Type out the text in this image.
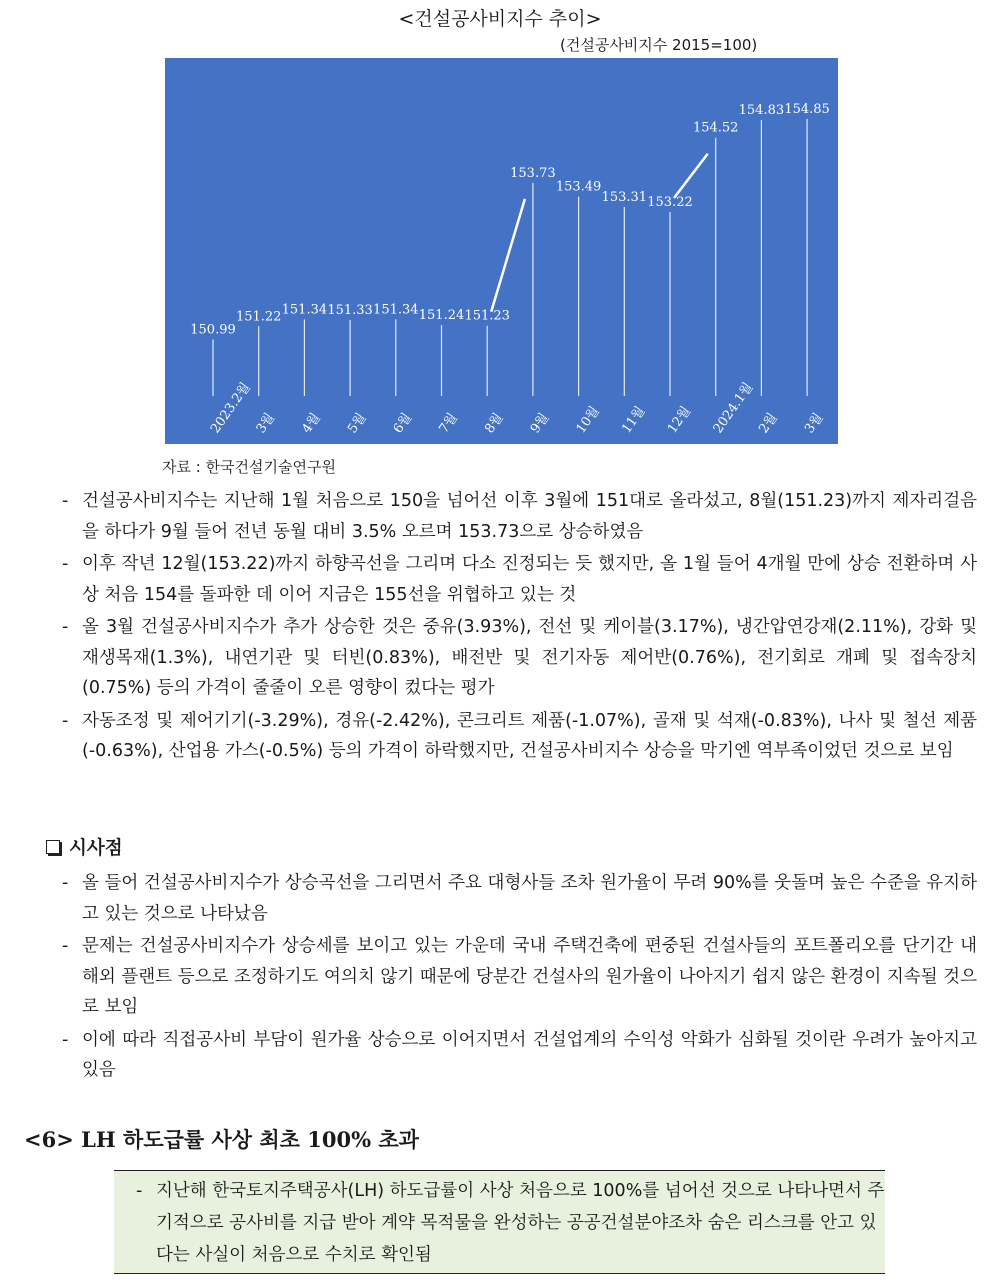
<건설공사비지수 추이>
(건설공사비지수 2015=100)
150.99
151.22 151.34 151.33 151.34 151.24 151.23
153.73
153.49
153.31 153.22
154.52
154.83 154.85
2023.2월 3월 4월 5월 6월 7월 8월 9월 10월 11월 12월 2024.1월 2월 3월
자료 : 한국건설기술연구원
- 건설공사비지수는 지난해 1월 처음으로 150을 넘어선 이후 3월에 151대로 올라섰고, 8월(151.23)까지 제자리걸음을 하다가 9월 들어 전년 동월 대비 3.5% 오르며 153.73으로 상승하였음
- 이후 작년 12월(153.22)까지 하향곡선을 그리며 다소 진정되는 듯 했지만, 올 1월 들어 4개월 만에 상승 전환하며 사상 처음 154를 돌파한 데 이어 지금은 155선을 위협하고 있는 것
- 올 3월 건설공사비지수가 추가 상승한 것은 중유(3.93%), 전선 및 케이블(3.17%), 냉간압연강재(2.11%), 강화 및 재생목재(1.3%), 내연기관 및 터빈(0.83%), 배전반 및 전기자동 제어반(0.76%), 전기회로 개폐 및 접속장치(0.75%) 등의 가격이 줄줄이 오른 영향이 컸다는 평가
- 자동조정 및 제어기기(-3.29%), 경유(-2.42%), 콘크리트 제품(-1.07%), 골재 및 석재(-0.83%), 나사 및 철선 제품(-0.63%), 산업용 가스(-0.5%) 등의 가격이 하락했지만, 건설공사비지수 상승을 막기엔 역부족이었던 것으로 보임
시사점
- 올 들어 건설공사비지수가 상승곡선을 그리면서 주요 대형사들 조차 원가율이 무려 90%를 웃돌며 높은 수준을 유지하고 있는 것으로 나타났음
- 문제는 건설공사비지수가 상승세를 보이고 있는 가운데 국내 주택건축에 편중된 건설사들의 포트폴리오를 단기간 내 해외 플랜트 등으로 조정하기도 여의치 않기 때문에 당분간 건설사의 원가율이 나아지기 쉽지 않은 환경이 지속될 것으로 보임
- 이에 따라 직접공사비 부담이 원가율 상승으로 이어지면서 건설업계의 수익성 악화가 심화될 것이란 우려가 높아지고 있음
<6> LH 하도급률 사상 최초 100% 초과

- 지난해 한국토지주택공사(LH) 하도급률이 사상 처음으로 100%를 넘어선 것으로 나타나면서 주기적으로 공사비를 지급 받아 계약 목적물을 완성하는 공공건설분야조차 숨은 리스크를 안고 있다는 사실이 처음으로 수치로 확인됨
